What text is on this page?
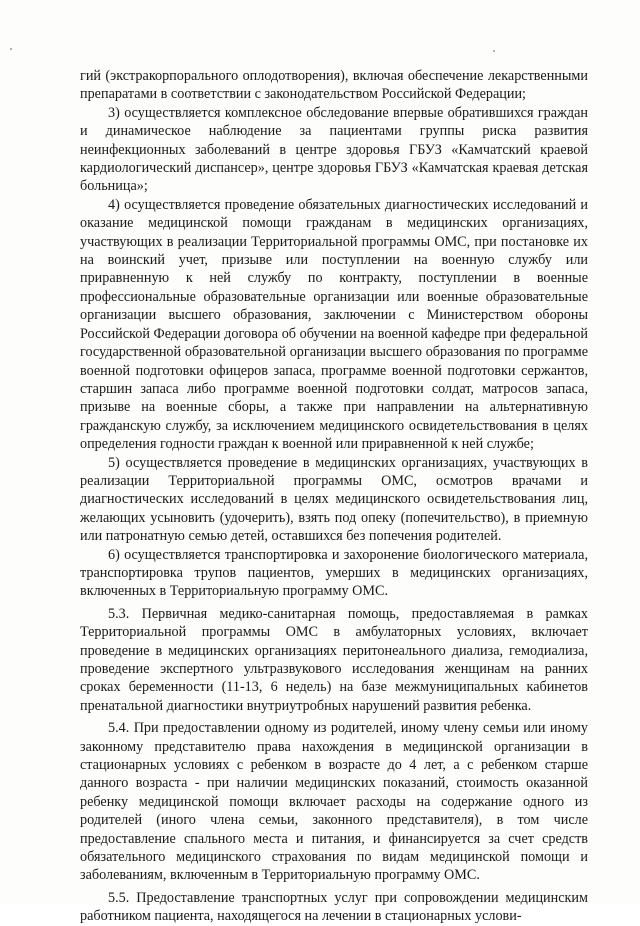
гий (экстракорпорального оплодотворения), включая обеспечение лекарственными препаратами в соответствии с законодательством Российской Федерации;

3) осуществляется комплексное обследование впервые обратившихся граждан и динамическое наблюдение за пациентами группы риска развития неинфекционных заболеваний в центре здоровья ГБУЗ «Камчатский краевой кардиологический диспансер», центре здоровья ГБУЗ «Камчатская краевая детская больница»;

4) осуществляется проведение обязательных диагностических исследований и оказание медицинской помощи гражданам в медицинских организациях, участвующих в реализации Территориальной программы ОМС, при постановке их на воинский учет, призыве или поступлении на военную службу или приравненную к ней службу по контракту, поступлении в военные профессиональные образовательные организации или военные образовательные организации высшего образования, заключении с Министерством обороны Российской Федерации договора об обучении на военной кафедре при федеральной государственной образовательной организации высшего образования по программе военной подготовки офицеров запаса, программе военной подготовки сержантов, старшин запаса либо программе военной подготовки солдат, матросов запаса, призыве на военные сборы, а также при направлении на альтернативную гражданскую службу, за исключением медицинского освидетельствования в целях определения годности граждан к военной или приравненной к ней службе;

5) осуществляется проведение в медицинских организациях, участвующих в реализации Территориальной программы ОМС, осмотров врачами и диагностических исследований в целях медицинского освидетельствования лиц, желающих усыновить (удочерить), взять под опеку (попечительство), в приемную или патронатную семью детей, оставшихся без попечения родителей.

6) осуществляется транспортировка и захоронение биологического материала, транспортировка трупов пациентов, умерших в медицинских организациях, включенных в Территориальную программу ОМС.

5.3. Первичная медико-санитарная помощь, предоставляемая в рамках Территориальной программы ОМС в амбулаторных условиях, включает проведение в медицинских организациях перитонеального диализа, гемодиализа, проведение экспертного ультразвукового исследования женщинам на ранних сроках беременности (11-13, 6 недель) на базе межмуниципальных кабинетов пренатальной диагностики внутриутробных нарушений развития ребенка.

5.4. При предоставлении одному из родителей, иному члену семьи или иному законному представителю права нахождения в медицинской организации в стационарных условиях с ребенком в возрасте до 4 лет, а с ребенком старше данного возраста - при наличии медицинских показаний, стоимость оказанной ребенку медицинской помощи включает расходы на содержание одного из родителей (иного члена семьи, законного представителя), в том числе предоставление спального места и питания, и финансируется за счет средств обязательного медицинского страхования по видам медицинской помощи и заболеваниям, включенным в Территориальную программу ОМС.

5.5. Предоставление транспортных услуг при сопровождении медицинским работником пациента, находящегося на лечении в стационарных услови-
